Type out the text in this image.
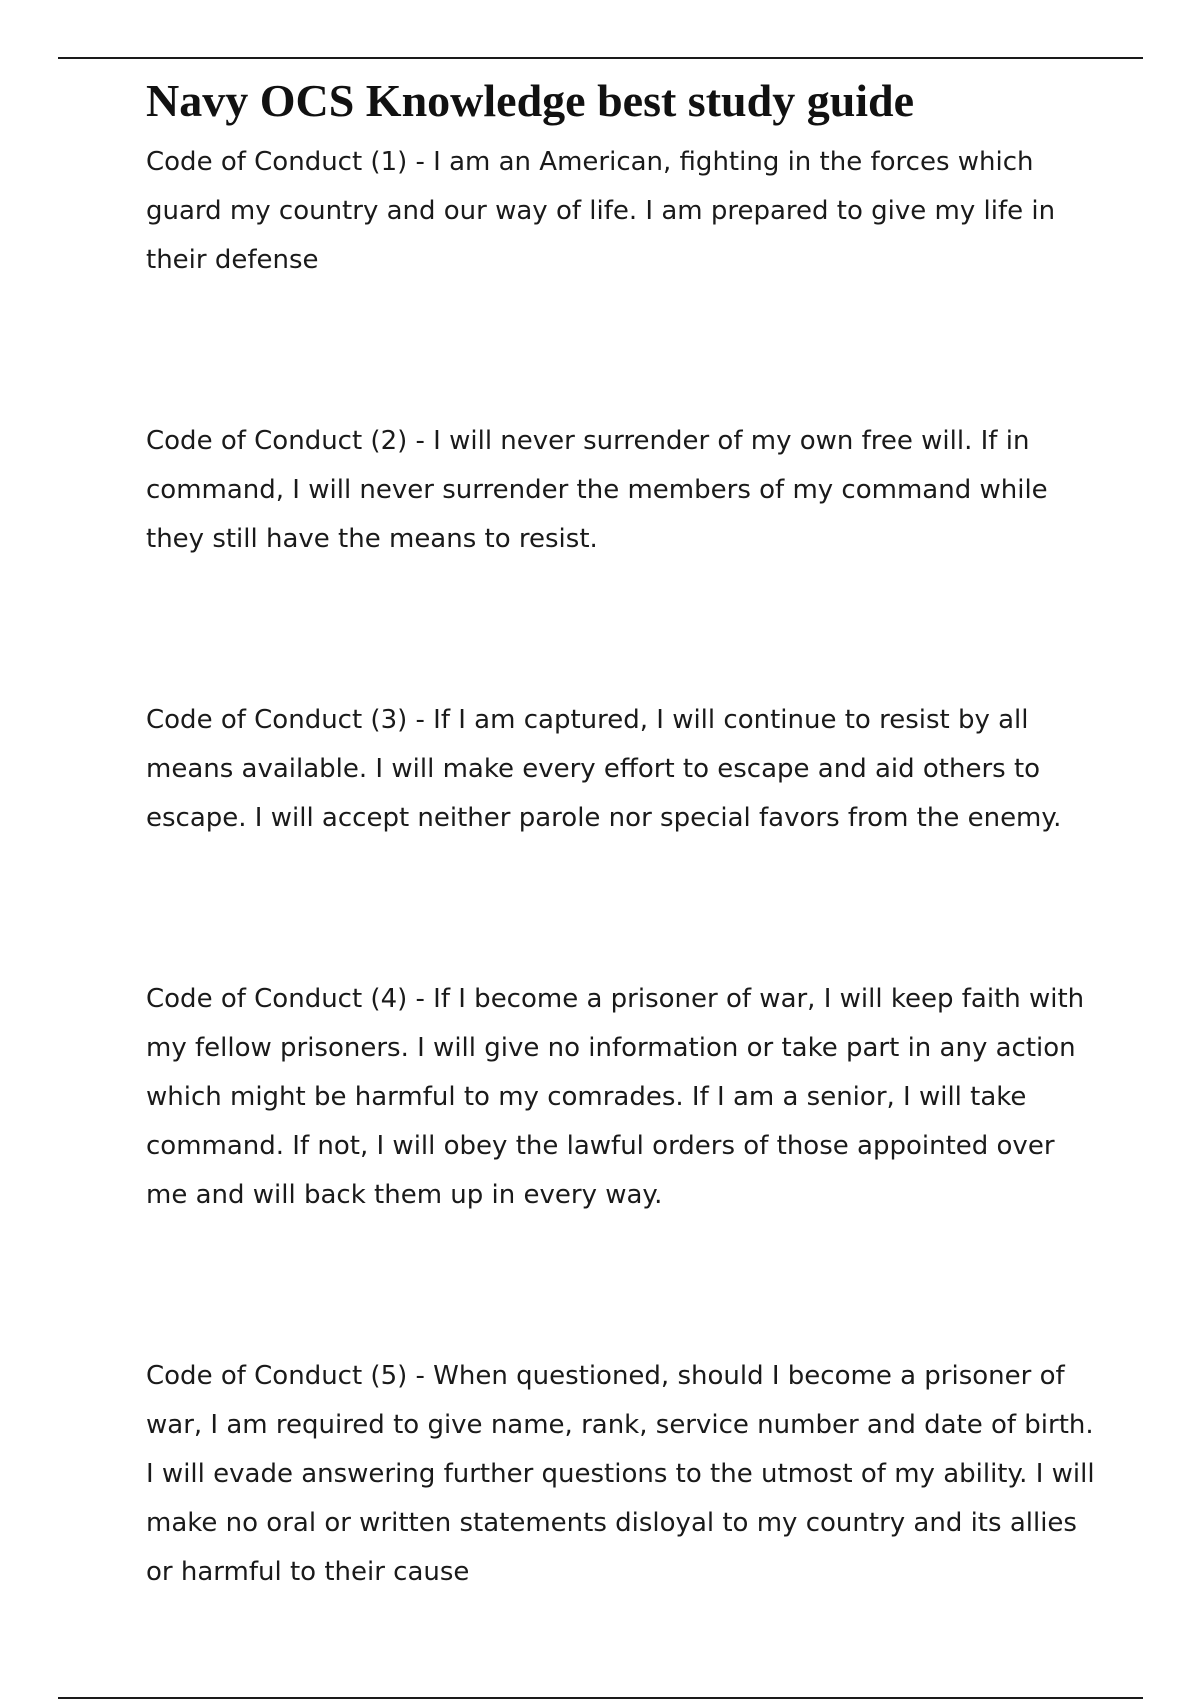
Navy OCS Knowledge best study guide
Code of Conduct (1) - I am an American, fighting in the forces which guard my country and our way of life. I am prepared to give my life in their defense
Code of Conduct (2) - I will never surrender of my own free will. If in command, I will never surrender the members of my command while they still have the means to resist.
Code of Conduct (3) - If I am captured, I will continue to resist by all means available. I will make every effort to escape and aid others to escape. I will accept neither parole nor special favors from the enemy.
Code of Conduct (4) - If I become a prisoner of war, I will keep faith with my fellow prisoners. I will give no information or take part in any action which might be harmful to my comrades. If I am a senior, I will take command. If not, I will obey the lawful orders of those appointed over me and will back them up in every way.
Code of Conduct (5) - When questioned, should I become a prisoner of war, I am required to give name, rank, service number and date of birth. I will evade answering further questions to the utmost of my ability. I will make no oral or written statements disloyal to my country and its allies or harmful to their cause
